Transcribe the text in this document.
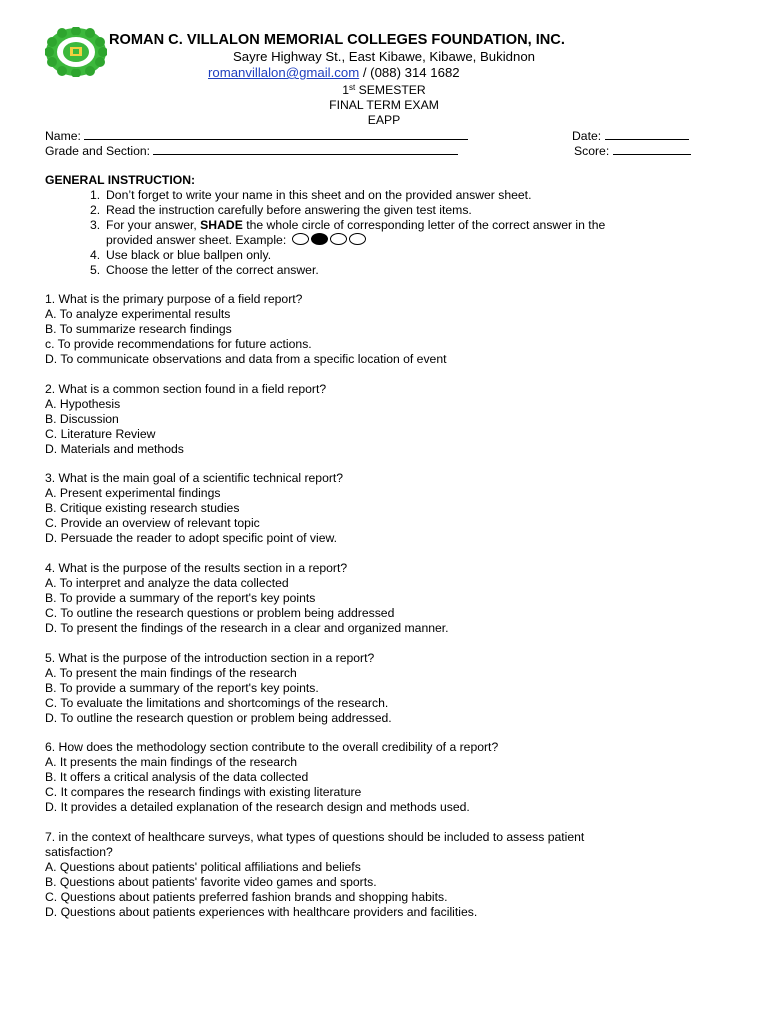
ROMAN C. VILLALON MEMORIAL COLLEGES FOUNDATION, INC.
Sayre Highway St., East Kibawe, Kibawe, Bukidnon
romanvillalon@gmail.com / (088) 314 1682
1st SEMESTER
FINAL TERM EXAM
EAPP
Name:	Date:
Grade and Section:	Score:
GENERAL INSTRUCTION:
1. Don’t forget to write your name in this sheet and on the provided answer sheet.
2. Read the instruction carefully before answering the given test items.
3. For your answer, SHADE the whole circle of corresponding letter of the correct answer in the
provided answer sheet. Example:
4. Use black or blue ballpen only.
5. Choose the letter of the correct answer.
1. What is the primary purpose of a field report?
A. To analyze experimental results
B. To summarize research findings
c. To provide recommendations for future actions.
D. To communicate observations and data from a specific location of event
2. What is a common section found in a field report?
A. Hypothesis
B. Discussion
C. Literature Review
D. Materials and methods
3. What is the main goal of a scientific technical report?
A. Present experimental findings
B. Critique existing research studies
C. Provide an overview of relevant topic
D. Persuade the reader to adopt specific point of view.
4. What is the purpose of the results section in a report?
A. To interpret and analyze the data collected
B. To provide a summary of the report's key points
C. To outline the research questions or problem being addressed
D. To present the findings of the research in a clear and organized manner.
5. What is the purpose of the introduction section in a report?
A. To present the main findings of the research
B. To provide a summary of the report's key points.
C. To evaluate the limitations and shortcomings of the research.
D. To outline the research question or problem being addressed.
6. How does the methodology section contribute to the overall credibility of a report?
A. It presents the main findings of the research
B. It offers a critical analysis of the data collected
C. It compares the research findings with existing literature
D. It provides a detailed explanation of the research design and methods used.
7. in the context of healthcare surveys, what types of questions should be included to assess patient
satisfaction?
A. Questions about patients' political affiliations and beliefs
B. Questions about patients' favorite video games and sports.
C. Questions about patients preferred fashion brands and shopping habits.
D. Questions about patients experiences with healthcare providers and facilities.
